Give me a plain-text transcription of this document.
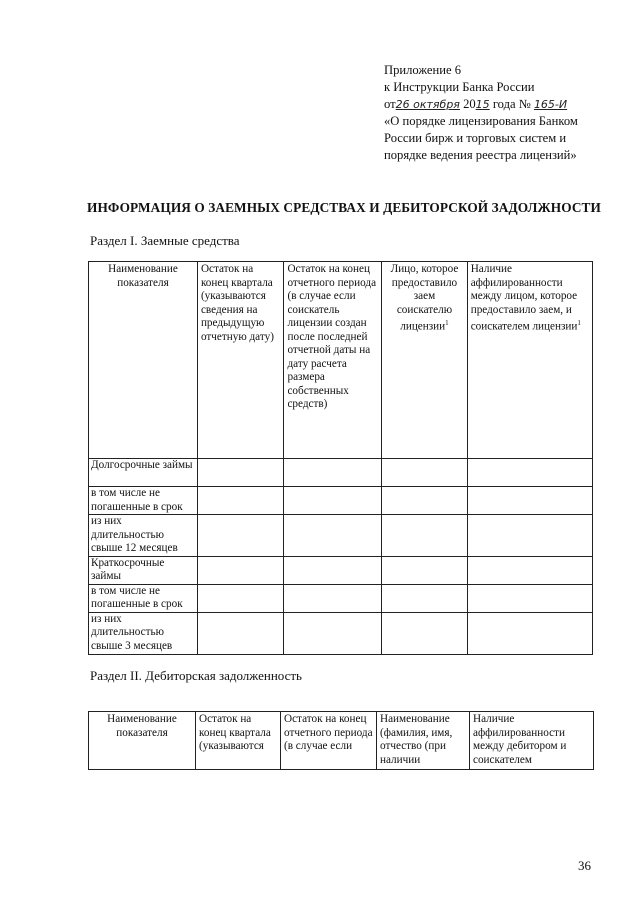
Приложение 6
к Инструкции Банка России
от26 октября 2015 года № 165-И
«О порядке лицензирования Банком
России бирж и торговых систем и
порядке ведения реестра лицензий»
ИНФОРМАЦИЯ О ЗАЕМНЫХ СРЕДСТВАХ И ДЕБИТОРСКОЙ ЗАДОЛЖНОСТИ
Раздел I. Заемные средства
Наименование показателя	Остаток на конец квартала (указываются сведения на предыдущую отчетную дату)	Остаток на конец отчетного периода (в случае если соискатель лицензии создан после последней отчетной даты на дату расчета размера собственных средств)	Лицо, которое предоставило заем соискателю лицензии$^1$	Наличие аффилированности между лицом, которое предоставило заем, и соискателем лицензии$^1$
Долгосрочные займы				
в том числе не погашенные в срок				
из них длительностью свыше 12 месяцев				
Краткосрочные займы				
в том числе не погашенные в срок				
из них длительностью свыше 3 месяцев				
Раздел II. Дебиторская задолженность
Наименование показателя	Остаток на конец квартала (указываются	Остаток на конец отчетного периода (в случае если	Наименование (фамилия, имя, отчество (при наличии	Наличие аффилированности между дебитором и соискателем
36
